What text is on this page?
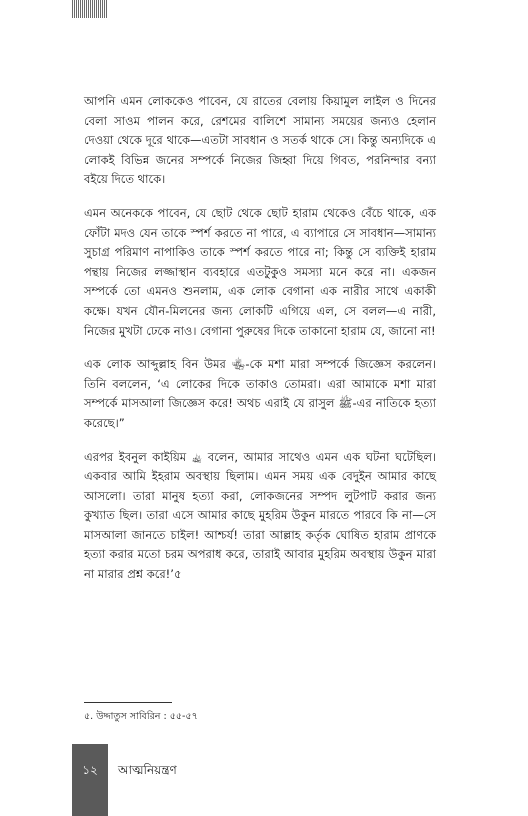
আপনি এমন লোককেও পাবেন, যে রাতের বেলায় কিয়ামুল লাইল ও দিনের বেলা সাওম পালন করে, রেশমের বালিশে সামান্য সময়ের জন্যও হেলান দেওয়া থেকে দূরে থাকে—এতটা সাবধান ও সতর্ক থাকে সে। কিন্তু অন্যদিকে এ লোকই বিভিন্ন জনের সম্পর্কে নিজের জিহ্বা দিয়ে গিবত, পরনিন্দার বন্যা বইয়ে দিতে থাকে।

এমন অনেককে পাবেন, যে ছোট থেকে ছোট হারাম থেকেও বেঁচে থাকে, এক ফোঁটা মদও যেন তাকে স্পর্শ করতে না পারে, এ ব্যাপারে সে সাবধান—সামান্য সুচাগ্র পরিমাণ নাপাকিও তাকে স্পর্শ করতে পারে না; কিন্তু সে ব্যক্তিই হারাম পন্থায় নিজের লজ্জাস্থান ব্যবহারে এতটুকুও সমস্যা মনে করে না। একজন সম্পর্কে তো এমনও শুনলাম, এক লোক বেগানা এক নারীর সাথে একাকী কক্ষে। যখন যৌন-মিলনের জন্য লোকটি এগিয়ে এল, সে বলল—এ নারী, নিজের মুখটা ঢেকে নাও। বেগানা পুরুষের দিকে তাকানো হারাম যে, জানো না!

এক লোক আব্দুল্লাহ বিন উমর ﵄-কে মশা মারা সম্পর্কে জিজ্ঞেস করলেন। তিনি বললেন, ‘এ লোকের দিকে তাকাও তোমরা। এরা আমাকে মশা মারা সম্পর্কে মাসআলা জিজ্ঞেস করে! অথচ এরাই যে রাসুল ﷺ-এর নাতিকে হত্যা করেছে।”

এরপর ইবনুল কাইয়িম ﵀ বলেন, আমার সাথেও এমন এক ঘটনা ঘটেছিল। একবার আমি ইহরাম অবস্থায় ছিলাম। এমন সময় এক বেদুইন আমার কাছে আসলো। তারা মানুষ হত্যা করা, লোকজনের সম্পদ লুটপাট করার জন্য কুখ্যাত ছিল। তারা এসে আমার কাছে মুহরিম উকুন মারতে পারবে কি না—সে মাসআলা জানতে চাইল! আশ্চর্য! তারা আল্লাহ কর্তৃক ঘোষিত হারাম প্রাণকে হত্যা করার মতো চরম অপরাধ করে, তারাই আবার মুহরিম অবস্থায় উকুন মারা না মারার প্রশ্ন করে!’৫

৫. উদ্দাতুস সাবিরিন : ৫৫-৫৭
১২	আত্মনিয়ন্ত্রণ
